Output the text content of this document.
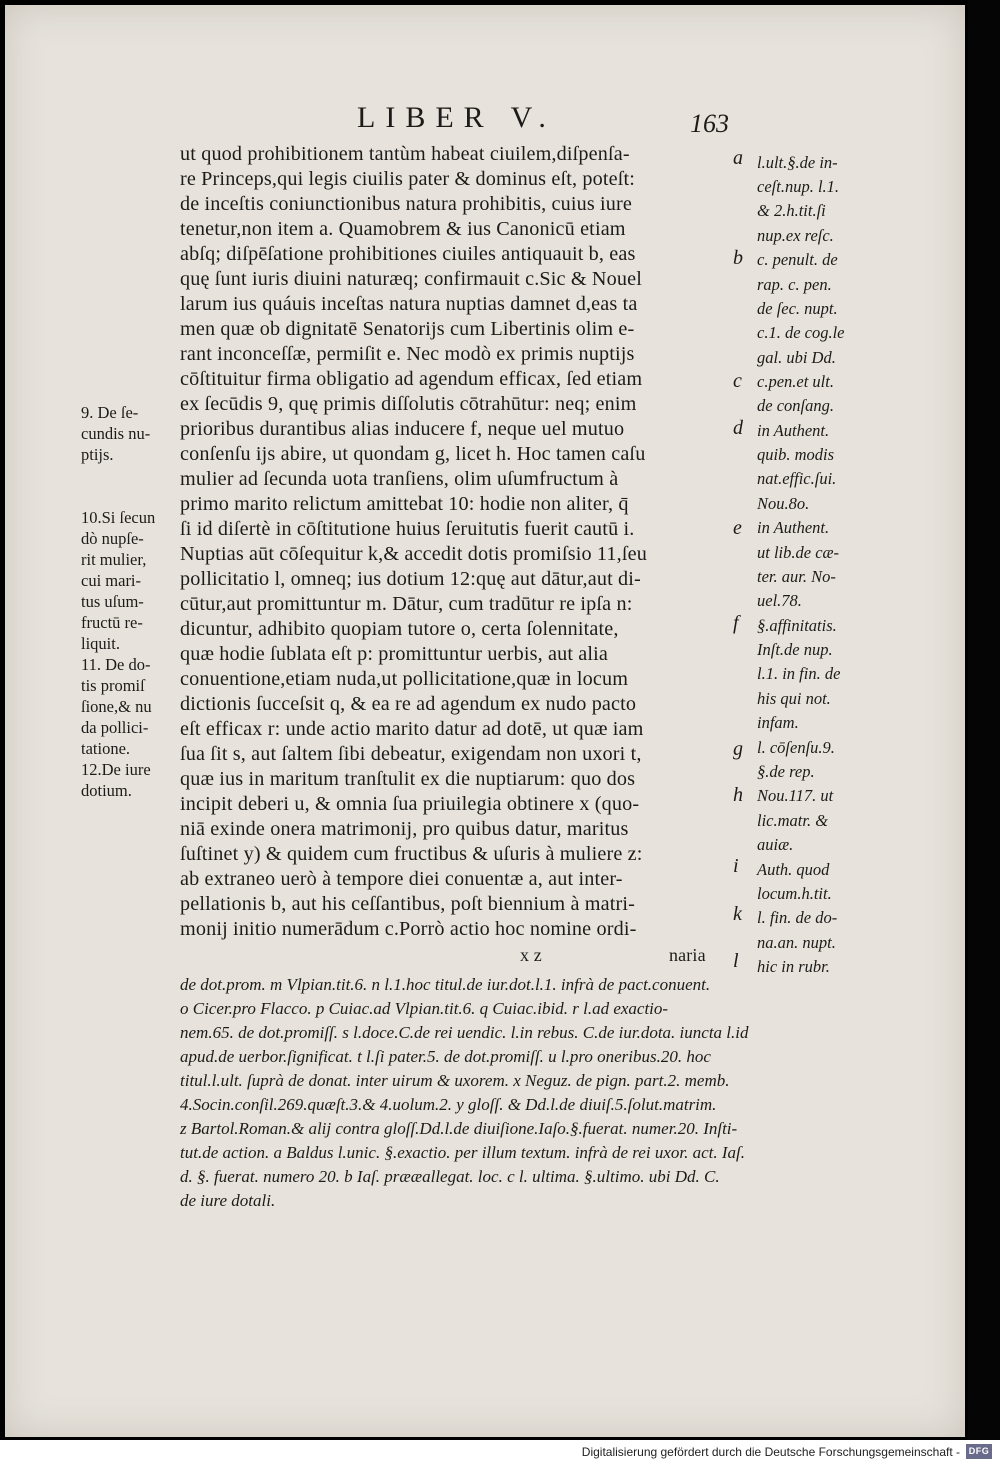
LIBER V.	163
ut quod prohibitionem tantùm habeat ciuilem,diſpenſa-
re Princeps,qui legis ciuilis pater & dominus eſt, poteſt:
de inceſtis coniunctionibus natura prohibitis, cuius iure
tenetur,non item a. Quamobrem & ius Canonicū etiam
abſq; diſpēſatione prohibitiones ciuiles antiquauit b, eas
quę ſunt iuris diuini naturæq; confirmauit c.Sic & Nouel
larum ius quáuis inceſtas natura nuptias damnet d,eas ta
men quæ ob dignitatē Senatorijs cum Libertinis olim e-
rant inconceſſæ, permiſit e. Nec modò ex primis nuptijs
cōſtituitur firma obligatio ad agendum efficax, ſed etiam
ex ſecūdis 9, quę primis diſſolutis cōtrahūtur: neq; enim
prioribus durantibus alias inducere f, neque uel mutuo
conſenſu ijs abire, ut quondam g, licet h. Hoc tamen caſu
mulier ad ſecunda uota tranſiens, olim uſumfructum à
primo marito relictum amittebat 10: hodie non aliter, q̄
ſi id diſertè in cōſtitutione huius ſeruitutis fuerit cautū i.
Nuptias aūt cōſequitur k,& accedit dotis promiſsio 11,ſeu
pollicitatio l, omneq; ius dotium 12:quę aut dātur,aut di-
cūtur,aut promittuntur m. Dātur, cum tradūtur re ipſa n:
dicuntur, adhibito quopiam tutore o, certa ſolennitate,
quæ hodie ſublata eſt p: promittuntur uerbis, aut alia
conuentione,etiam nuda,ut pollicitatione,quæ in locum
dictionis ſucceſsit q, & ea re ad agendum ex nudo pacto
eſt efficax r: unde actio marito datur ad dotē, ut quæ iam
ſua ſit s, aut ſaltem ſibi debeatur, exigendam non uxori t,
quæ ius in maritum tranſtulit ex die nuptiarum: quo dos
incipit deberi u, & omnia ſua priuilegia obtinere x (quo-
niā exinde onera matrimonij, pro quibus datur, maritus
ſuſtinet y) & quidem cum fructibus & uſuris à muliere z:
ab extraneo uerò à tempore diei conuentæ a, aut inter-
pellationis b, aut his ceſſantibus, poſt biennium à matri-
monij initio numerādum c.Porrò actio hoc nomine ordi-
x z	naria
a
b
c
d
e
f
g
h
i
k
l
l.ult.§.de in-
ceſt.nup. l.1.
& 2.h.tit.ſi
nup.ex reſc.
c. penult. de
rap. c. pen.
de ſec. nupt.
c.1. de cog.le
gal. ubi Dd.
c.pen.et ult.
de conſang.
in Authent.
quib. modis
nat.effic.ſui.
Nou.8o.
in Authent.
ut lib.de cæ-
ter. aur. No-
uel.78.
§.affinitatis.
Inſt.de nup.
l.1. in fin. de
his qui not.
infam.
l. cōſenſu.9.
§.de rep.
Nou.117. ut
lic.matr. &
auiæ.
Auth. quod
locum.h.tit.
l. fin. de do-
na.an. nupt.
hic in rubr.
9. De ſe-
cundis nu-
ptijs.
10.Si ſecun
dò nupſe-
rit mulier,
cui mari-
tus uſum-
fructū re-
liquit.
11. De do-
tis promiſ
ſione,& nu
da pollici-
tatione.
12.De iure
dotium.
de dot.prom. m Vlpian.tit.6. n l.1.hoc titul.de iur.dot.l.1. infrà de pact.conuent.
o Cicer.pro Flacco. p Cuiac.ad Vlpian.tit.6. q Cuiac.ibid. r l.ad exactio-
nem.65. de dot.promiſſ. s l.doce.C.de rei uendic. l.in rebus. C.de iur.dota. iuncta l.id
apud.de uerbor.ſignificat. t l.ſi pater.5. de dot.promiſſ. u l.pro oneribus.20. hoc
titul.l.ult. ſuprà de donat. inter uirum & uxorem. x Neguz. de pign. part.2. memb.
4.Socin.conſil.269.quæſt.3.& 4.uolum.2. y gloſſ. & Dd.l.de diuiſ.5.ſolut.matrim.
z Bartol.Roman.& alij contra gloſſ.Dd.l.de diuiſione.Iaſo.§.fuerat. numer.20. Inſti-
tut.de action. a Baldus l.unic. §.exactio. per illum textum. infrà de rei uxor. act. Iaſ.
d. §. fuerat. numero 20. b Iaſ. prææallegat. loc. c l. ultima. §.ultimo. ubi Dd. C.
de iure dotali.
Digitalisierung gefördert durch die Deutsche Forschungsgemeinschaft - DFG
